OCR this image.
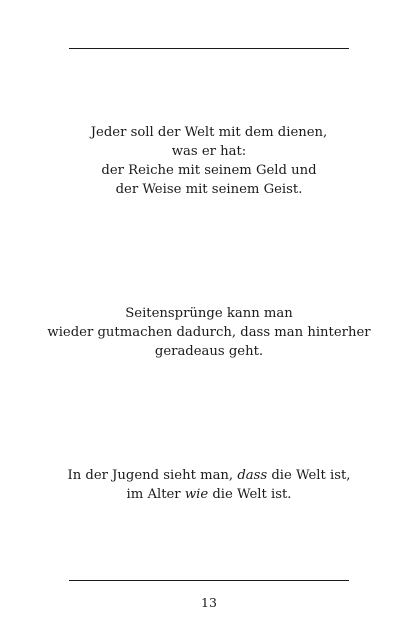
Jeder soll der Welt mit dem dienen,
was er hat:
der Reiche mit seinem Geld und
der Weise mit seinem Geist.
Seitensprünge kann man
wieder gutmachen dadurch, dass man hinterher
geradeaus geht.
In der Jugend sieht man, dass die Welt ist,
im Alter wie die Welt ist.
13
